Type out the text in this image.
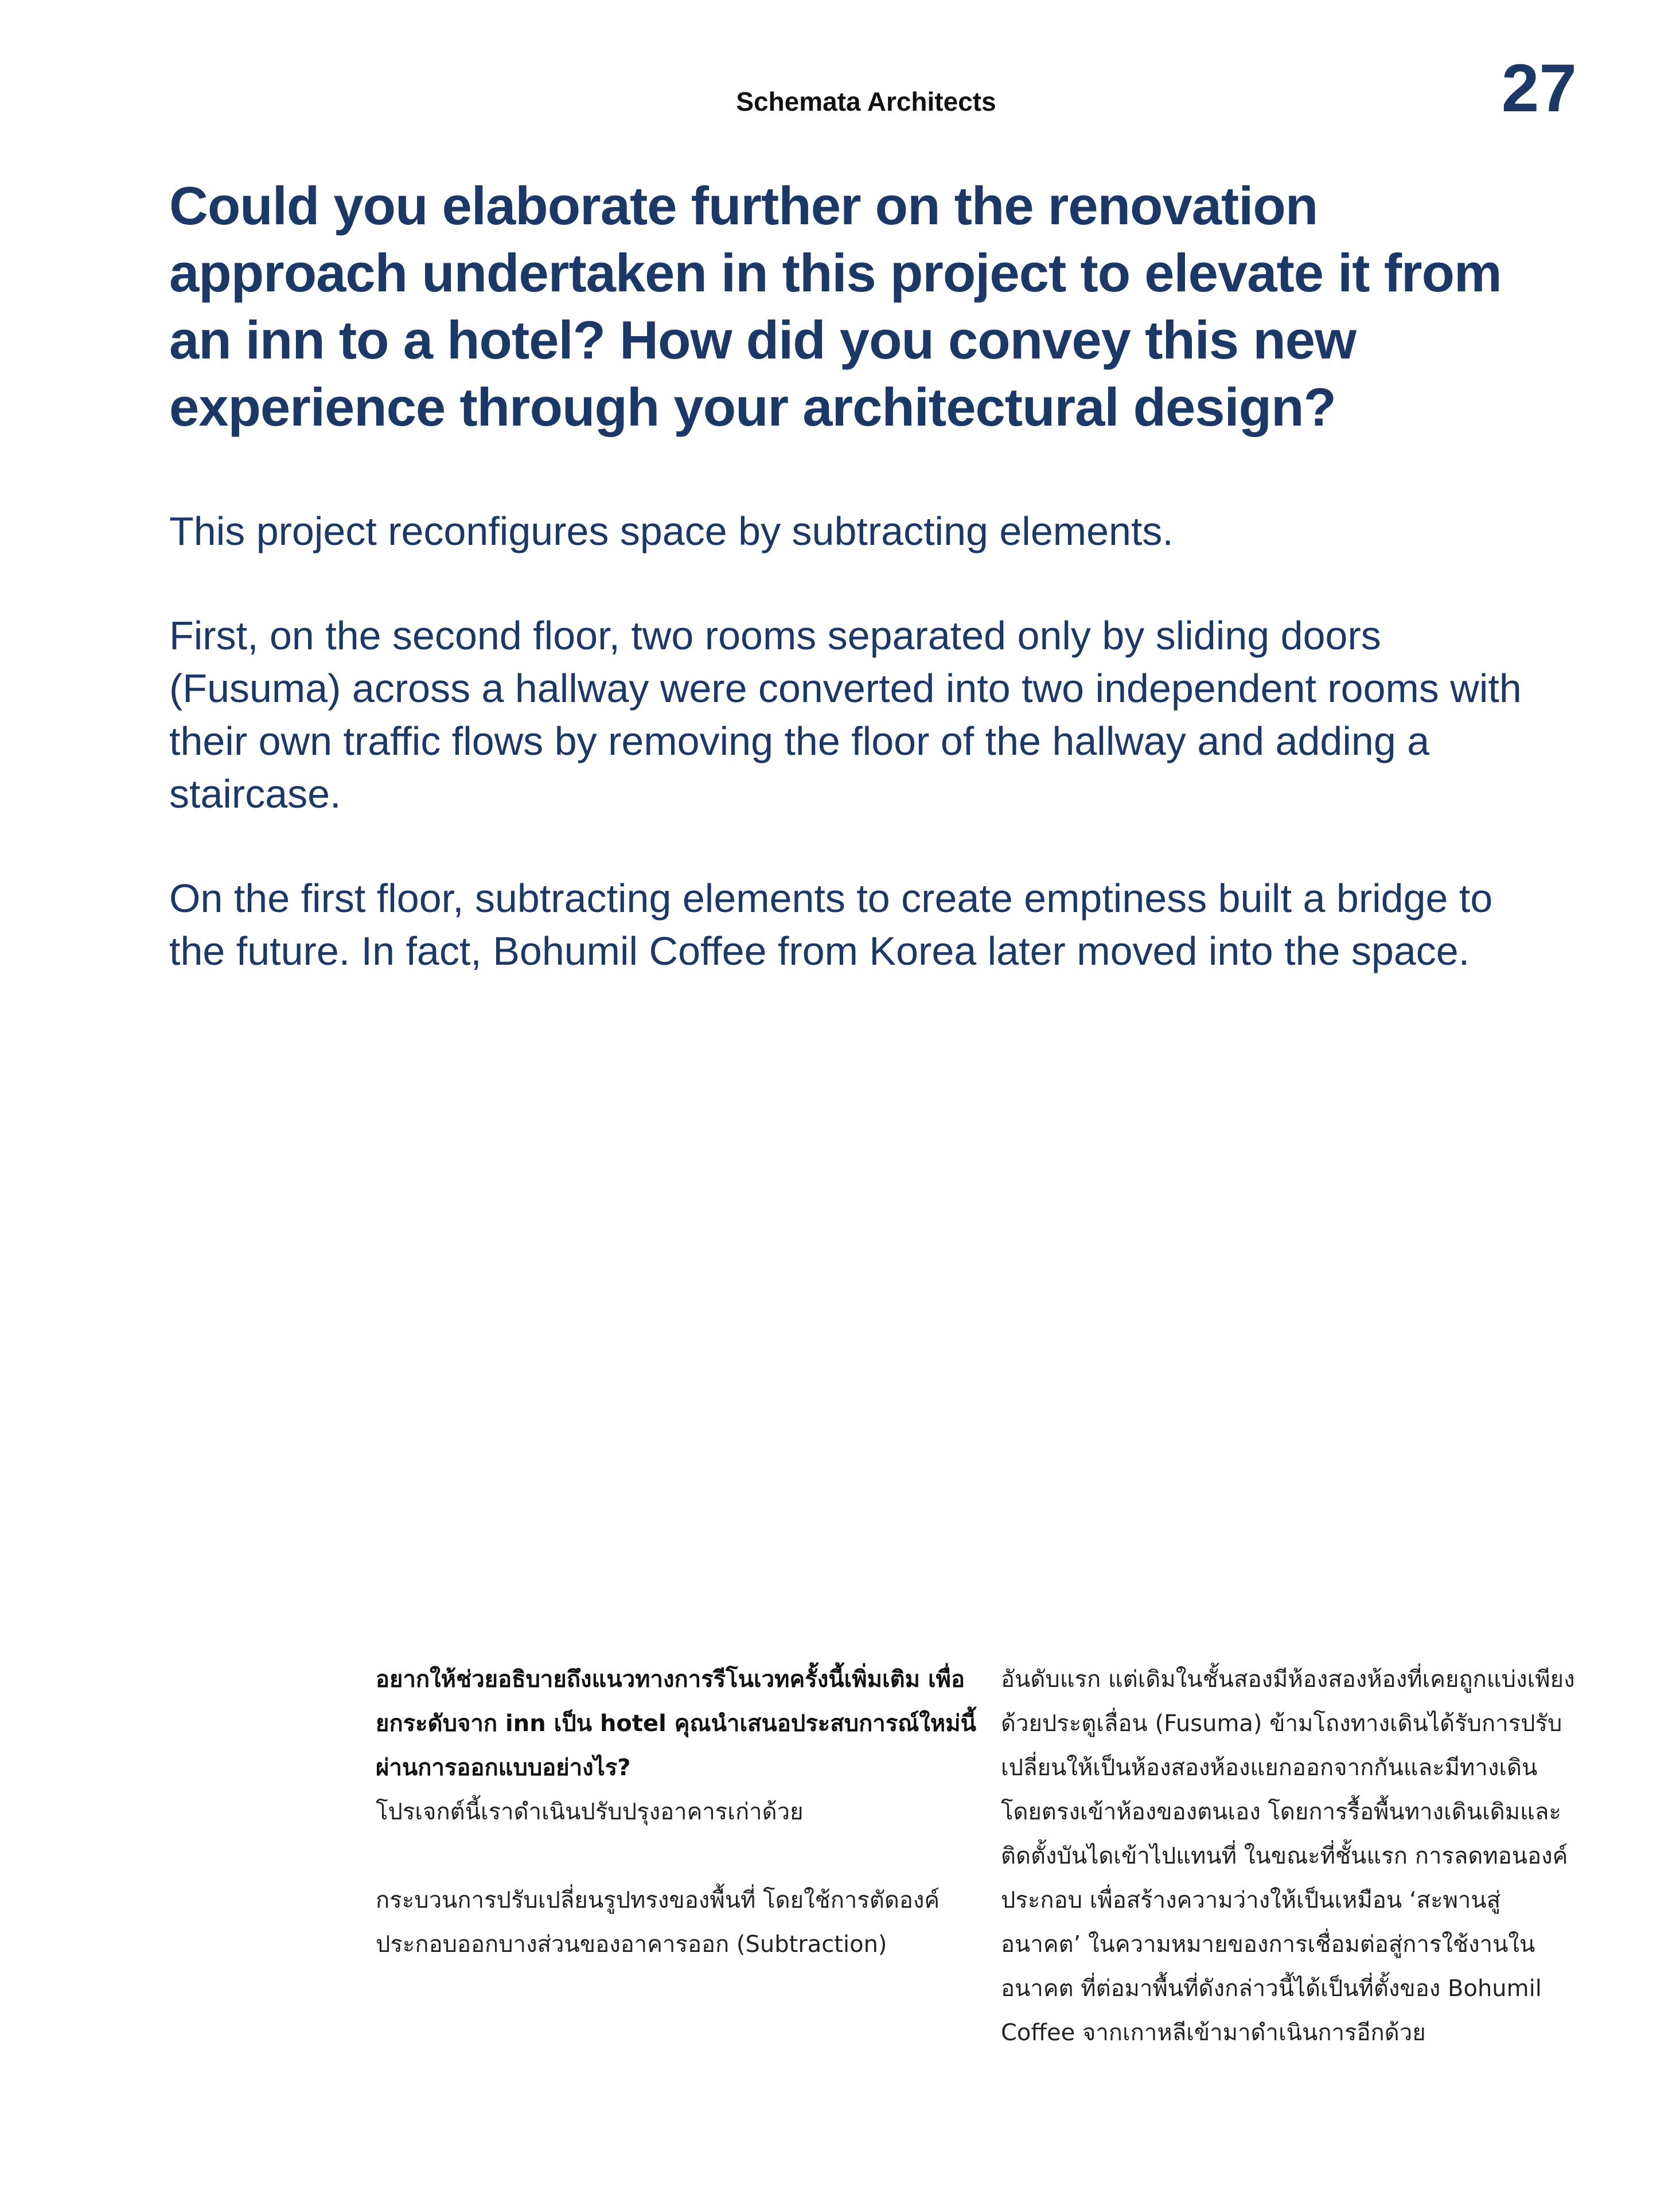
Schemata Architects	27
Could you elaborate further on the renovation approach undertaken in this project to elevate it from an inn to a hotel? How did you convey this new experience through your architectural design?

This project reconfigures space by subtracting elements.

First, on the second floor, two rooms separated only by sliding doors (Fusuma) across a hallway were converted into two independent rooms with their own traffic flows by removing the floor of the hallway and adding a staircase.

On the first floor, subtracting elements to create emptiness built a bridge to the future. In fact, Bohumil Coffee from Korea later moved into the space.

อยากให้ช่วยอธิบายถึงแนวทางการรีโนเวทครั้งนี้เพิ่มเติม เพื่อยกระดับจาก inn เป็น hotel คุณนำเสนอประสบการณ์ใหม่นี้ผ่านการออกแบบอย่างไร?

โปรเจกต์นี้เราดำเนินปรับปรุงอาคารเก่าด้วย

กระบวนการปรับเปลี่ยนรูปทรงของพื้นที่ โดยใช้การตัดองค์ประกอบออกบางส่วนของอาคารออก (Subtraction)

อันดับแรก แต่เดิมในชั้นสองมีห้องสองห้องที่เคยถูกแบ่งเพียงด้วยประตูเลื่อน (Fusuma) ข้ามโถงทางเดินได้รับการปรับเปลี่ยนให้เป็นห้องสองห้องแยกออกจากกันและมีทางเดินโดยตรงเข้าห้องของตนเอง โดยการรื้อพื้นทางเดินเดิมและติดตั้งบันไดเข้าไปแทนที่ ในขณะที่ชั้นแรก การลดทอนองค์ประกอบ เพื่อสร้างความว่างให้เป็นเหมือน ‘สะพานสู่อนาคต’ ในความหมายของการเชื่อมต่อสู่การใช้งานในอนาคต ที่ต่อมาพื้นที่ดังกล่าวนี้ได้เป็นที่ตั้งของ Bohumil Coffee จากเกาหลีเข้ามาดำเนินการอีกด้วย
